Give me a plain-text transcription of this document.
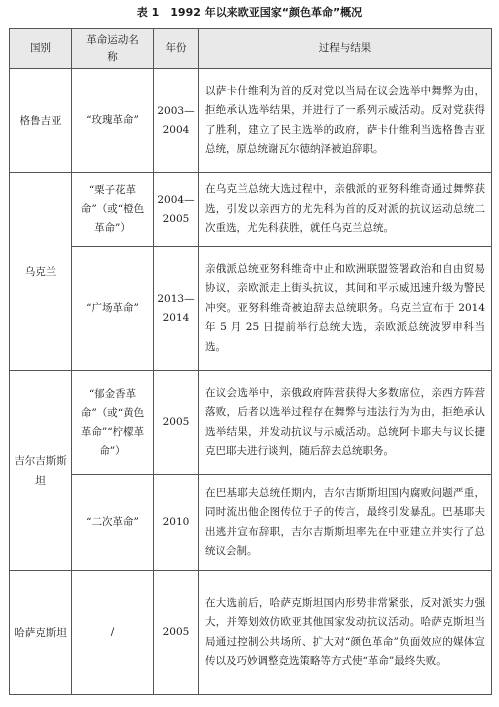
表 1　1992 年以来欧亚国家“颜色革命”概况
国别	革命运动名称	年份	过程与结果
格鲁吉亚	“玫瑰革命”	2003—2004	以萨卡什维利为首的反对党以当局在议会选举中舞弊为由，拒绝承认选举结果，并进行了一系列示威活动。反对党获得了胜利，建立了民主选举的政府，萨卡什维利当选格鲁吉亚总统，原总统谢瓦尔德纳泽被迫辞职。
乌克兰	“栗子花革命”（或“橙色革命”）	2004—2005	在乌克兰总统大选过程中，亲俄派的亚努科维奇通过舞弊获选，引发以亲西方的尤先科为首的反对派的抗议运动总统二次重选，尤先科获胜，就任乌克兰总统。
	“广场革命”	2013—2014	亲俄派总统亚努科维奇中止和欧洲联盟签署政治和自由贸易协议，亲欧派走上街头抗议，其间和平示威迅速升级为警民冲突。亚努科维奇被迫辞去总统职务。乌克兰宣布于 2014 年 5 月 25 日提前举行总统大选，亲欧派总统波罗申科当选。
吉尔吉斯斯坦	“郁金香革命”（或“黄色革命”“柠檬革命”）	2005	在议会选举中，亲俄政府阵营获得大多数席位，亲西方阵营落败，后者以选举过程存在舞弊与违法行为为由，拒绝承认选举结果，并发动抗议与示威活动。总统阿卡耶夫与议长捷克巴耶夫进行谈判，随后辞去总统职务。
	“二次革命”	2010	在巴基耶夫总统任期内，吉尔吉斯斯坦国内腐败问题严重，同时流出他企图传位于子的传言，最终引发暴乱。巴基耶夫出逃并宣布辞职，吉尔吉斯斯坦率先在中亚建立并实行了总统议会制。
哈萨克斯坦	/	2005	在大选前后，哈萨克斯坦国内形势非常紧张，反对派实力强大，并筹划效仿欧亚其他国家发动抗议活动。哈萨克斯坦当局通过控制公共场所、扩大对“颜色革命”负面效应的媒体宣传以及巧妙调整竞选策略等方式使“革命”最终失败。
